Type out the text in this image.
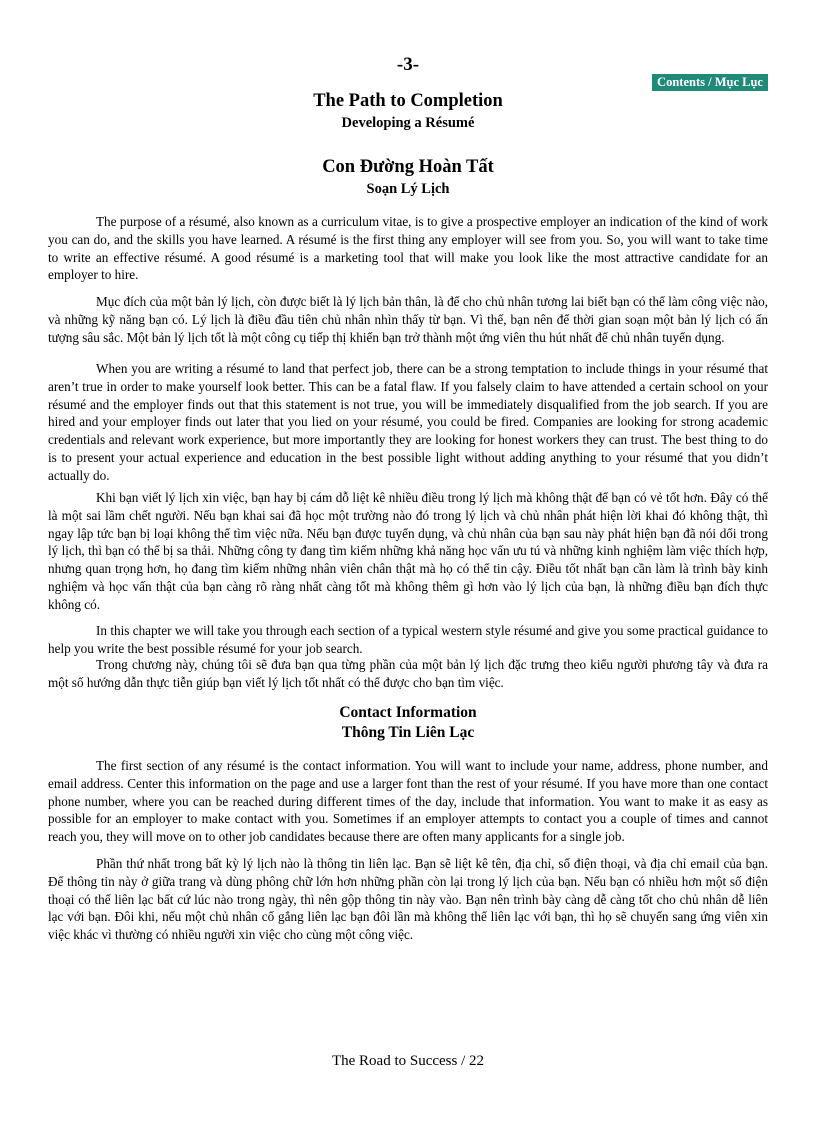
-3-
Contents / Mục Lục
The Path to Completion
Developing a Résumé
Con Đường Hoàn Tất
Soạn Lý Lịch

The purpose of a résumé, also known as a curriculum vitae, is to give a prospective employer an indication of the kind of work you can do, and the skills you have learned. A résumé is the first thing any employer will see from you. So, you will want to take time to write an effective résumé. A good résumé is a marketing tool that will make you look like the most attractive candidate for an employer to hire.

Mục đích của một bản lý lịch, còn được biết là lý lịch bản thân, là để cho chủ nhân tương lai biết bạn có thể làm công việc nào, và những kỹ năng bạn có. Lý lịch là điều đầu tiên chủ nhân nhìn thấy từ bạn. Vì thế, bạn nên để thời gian soạn một bản lý lịch có ấn tượng sâu sắc. Một bản lý lịch tốt là một công cụ tiếp thị khiến bạn trở thành một ứng viên thu hút nhất để chủ nhân tuyển dụng.

When you are writing a résumé to land that perfect job, there can be a strong temptation to include things in your résumé that aren’t true in order to make yourself look better. This can be a fatal flaw. If you falsely claim to have attended a certain school on your résumé and the employer finds out that this statement is not true, you will be immediately disqualified from the job search. If you are hired and your employer finds out later that you lied on your résumé, you could be fired. Companies are looking for strong academic credentials and relevant work experience, but more importantly they are looking for honest workers they can trust. The best thing to do is to present your actual experience and education in the best possible light without adding anything to your résumé that you didn’t actually do.

Khi bạn viết lý lịch xin việc, bạn hay bị cám dỗ liệt kê nhiều điều trong lý lịch mà không thật để bạn có vẻ tốt hơn. Đây có thể là một sai lầm chết người. Nếu bạn khai sai đã học một trường nào đó trong lý lịch và chủ nhân phát hiện lời khai đó không thật, thì ngay lập tức bạn bị loại không thể tìm việc nữa. Nếu bạn được tuyển dụng, và chủ nhân của bạn sau này phát hiện bạn đã nói dối trong lý lịch, thì bạn có thể bị sa thải. Những công ty đang tìm kiếm những khả năng học vấn ưu tú và những kinh nghiệm làm việc thích hợp, nhưng quan trọng hơn, họ đang tìm kiếm những nhân viên chân thật mà họ có thể tin cậy. Điều tốt nhất bạn cần làm là trình bày kinh nghiệm và học vấn thật của bạn càng rõ ràng nhất càng tốt mà không thêm gì hơn vào lý lịch của bạn, là những điều bạn đích thực không có.

In this chapter we will take you through each section of a typical western style résumé and give you some practical guidance to help you write the best possible résumé for your job search.

Trong chương này, chúng tôi sẽ đưa bạn qua từng phần của một bản lý lịch đặc trưng theo kiểu người phương tây và đưa ra một số hướng dẫn thực tiễn giúp bạn viết lý lịch tốt nhất có thể được cho bạn tìm việc.

Contact Information
Thông Tin Liên Lạc

The first section of any résumé is the contact information. You will want to include your name, address, phone number, and email address. Center this information on the page and use a larger font than the rest of your résumé. If you have more than one contact phone number, where you can be reached during different times of the day, include that information. You want to make it as easy as possible for an employer to make contact with you. Sometimes if an employer attempts to contact you a couple of times and cannot reach you, they will move on to other job candidates because there are often many applicants for a single job.

Phần thứ nhất trong bất kỳ lý lịch nào là thông tin liên lạc. Bạn sẽ liệt kê tên, địa chỉ, số điện thoại, và địa chỉ email của bạn. Để thông tin này ở giữa trang và dùng phông chữ lớn hơn những phần còn lại trong lý lịch của bạn. Nếu bạn có nhiều hơn một số điện thoại có thể liên lạc bất cứ lúc nào trong ngày, thì nên gộp thông tin này vào. Bạn nên trình bày càng dễ càng tốt cho chủ nhân dễ liên lạc với bạn. Đôi khi, nếu một chủ nhân cố gắng liên lạc bạn đôi lần mà không thể liên lạc với bạn, thì họ sẽ chuyển sang ứng viên xin việc khác vì thường có nhiều người xin việc cho cùng một công việc.

The Road to Success / 22
